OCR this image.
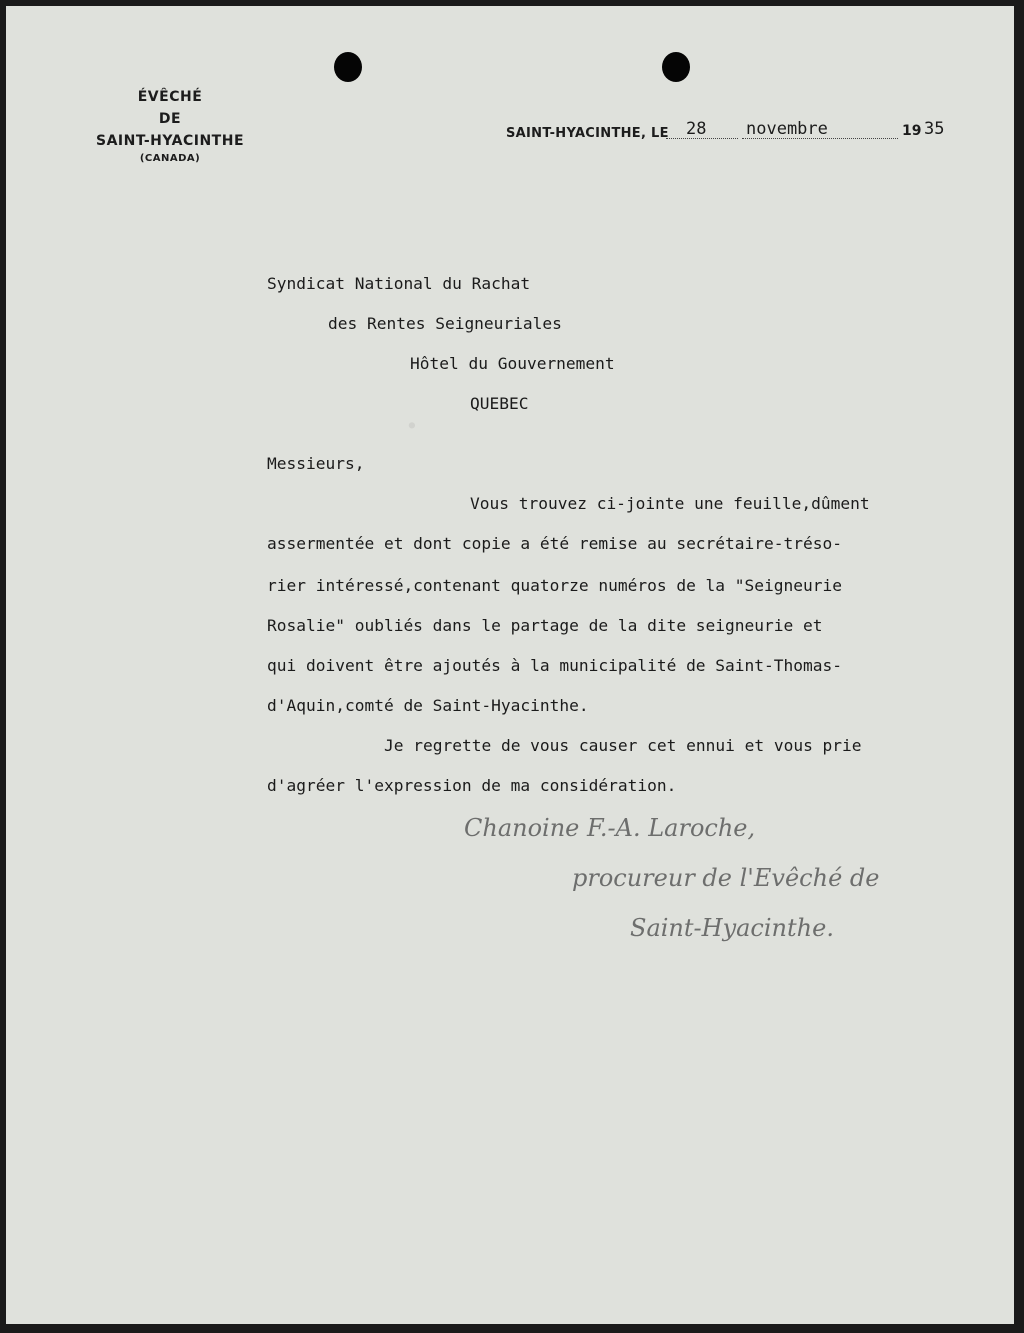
ÉVÊCHÉ
DE
SAINT-HYACINTHE
(CANADA)
SAINT-HYACINTHE, LE 28 novembre	19 35
·
Syndicat National du Rachat
des Rentes Seigneuriales
Hôtel du Gouvernement
QUEBEC
Messieurs,
Vous trouvez ci-jointe une feuille,dûment
assermentée et dont copie a été remise au secrétaire-tréso-
rier intéressé,contenant quatorze numéros de la "Seigneurie
Rosalie" oubliés dans le partage de la dite seigneurie et
qui doivent être ajoutés à la municipalité de Saint-Thomas-
d'Aquin,comté de Saint-Hyacinthe.
Je regrette de vous causer cet ennui et vous prie
d'agréer l'expression de ma considération.
Chanoine F.-A. Laroche,
procureur de l'Evêché de
Saint-Hyacinthe.
